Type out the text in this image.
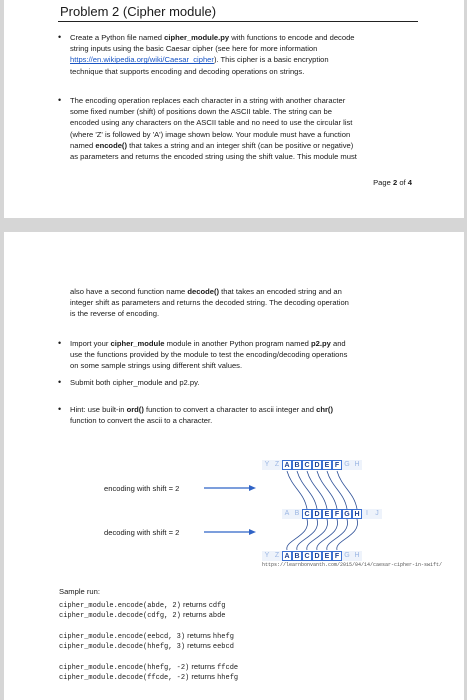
Problem 2 (Cipher module)
• Create a Python file named cipher_module.py with functions to encode and decode
string inputs using the basic Caesar cipher (see here for more information
https://en.wikipedia.org/wiki/Caesar_cipher). This cipher is a basic encryption
technique that supports encoding and decoding operations on strings.
• The encoding operation replaces each character in a string with another character
some fixed number (shift) of positions down the ASCII table. The string can be
encoded using any characters on the ASCII table and no need to use the circular list
(where 'Z' is followed by 'A') image shown below. Your module must have a function
named encode() that takes a string and an integer shift (can be positive or negative)
as parameters and returns the encoded string using the shift value. This module must
Page 2 of 4
also have a second function name decode() that takes an encoded string and an
integer shift as parameters and returns the decoded string. The decoding operation
is the reverse of encoding.
• Import your cipher_module module in another Python program named p2.py and
use the functions provided by the module to test the encoding/decoding operations
on some sample strings using different shift values.
• Submit both cipher_module and p2.py.
• Hint: use built-in ord() function to convert a character to ascii integer and chr()
function to convert the ascii to a character.
encoding with shift = 2
decoding with shift = 2
Y Z A B C D E F G H
A B C D E F G H I	J
Y Z A B C D E F G H
https://learnbonvanth.com/2015/04/14/caesar-cipher-in-swift/
Sample run:
cipher_module.encode(abde, 2) returns cdfg
cipher_module.decode(cdfg, 2) returns abde
cipher_module.encode(eebcd, 3) returns hhefg
cipher_module.decode(hhefg, 3) returns eebcd
cipher_module.encode(hhefg, -2) returns ffcde
cipher_module.decode(ffcde, -2) returns hhefg
